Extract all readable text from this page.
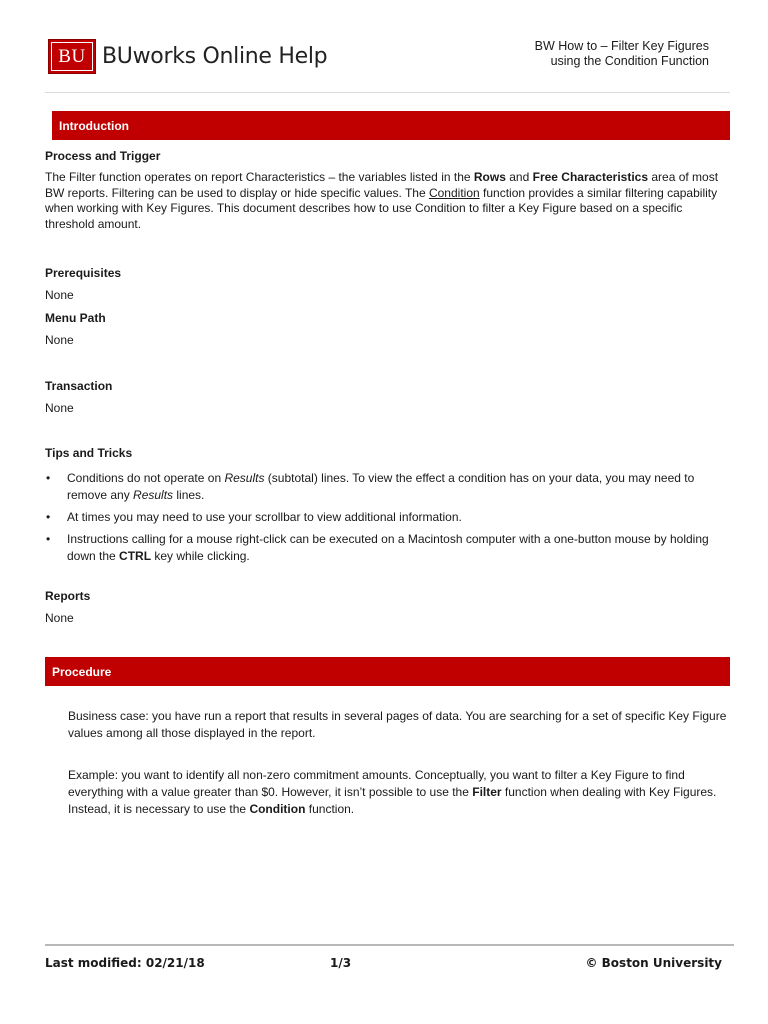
BU BUworks Online Help	BW How to – Filter Key Figures
using the Condition Function
Introduction
Process and Trigger
The Filter function operates on report Characteristics – the variables listed in the Rows and Free Characteristics area of most BW reports. Filtering can be used to display or hide specific values. The Condition function provides a similar filtering capability when working with Key Figures. This document describes how to use Condition to filter a Key Figure based on a specific threshold amount.
Prerequisites
None
Menu Path
None
Transaction
None
Tips and Tricks
• Conditions do not operate on Results (subtotal) lines. To view the effect a condition has on your data, you may need to remove any Results lines.
• At times you may need to use your scrollbar to view additional information.
• Instructions calling for a mouse right-click can be executed on a Macintosh computer with a one-button mouse by holding down the CTRL key while clicking.
Reports
None
Procedure
Business case: you have run a report that results in several pages of data. You are searching for a set of specific Key Figure values among all those displayed in the report.
Example: you want to identify all non-zero commitment amounts. Conceptually, you want to filter a Key Figure to find everything with a value greater than $0. However, it isn’t possible to use the Filter function when dealing with Key Figures. Instead, it is necessary to use the Condition function.
Last modified: 02/21/18	1/3	© Boston University
